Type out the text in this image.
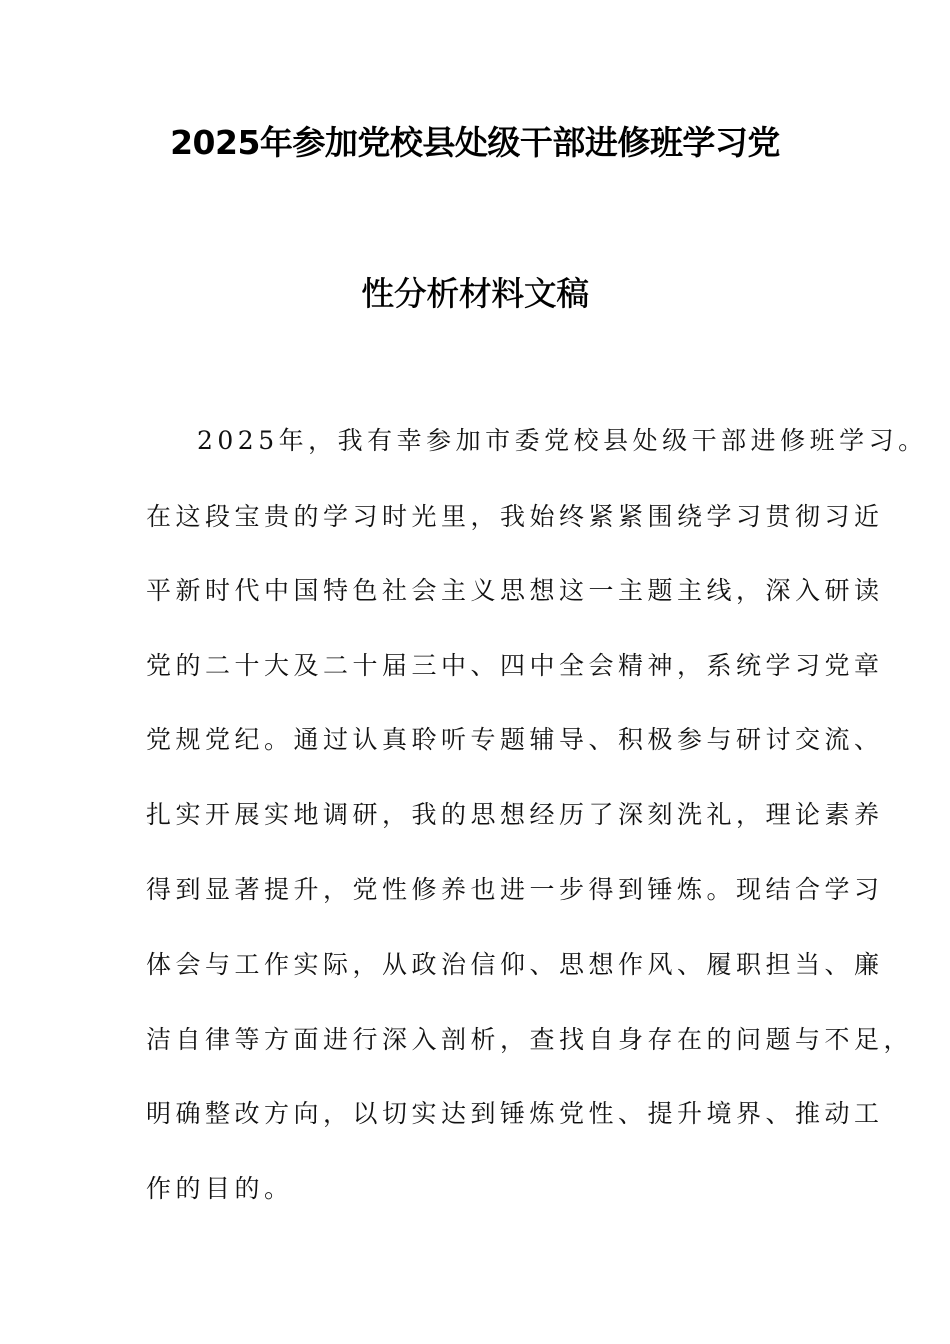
2025年参加党校县处级干部进修班学习党
性分析材料文稿
2025年，我有幸参加市委党校县处级干部进修班学习。
在这段宝贵的学习时光里，我始终紧紧围绕学习贯彻习近
平新时代中国特色社会主义思想这一主题主线，深入研读
党的二十大及二十届三中、四中全会精神，系统学习党章
党规党纪。通过认真聆听专题辅导、积极参与研讨交流、
扎实开展实地调研，我的思想经历了深刻洗礼，理论素养
得到显著提升，党性修养也进一步得到锤炼。现结合学习
体会与工作实际，从政治信仰、思想作风、履职担当、廉
洁自律等方面进行深入剖析，查找自身存在的问题与不足，
明确整改方向，以切实达到锤炼党性、提升境界、推动工
作的目的。
